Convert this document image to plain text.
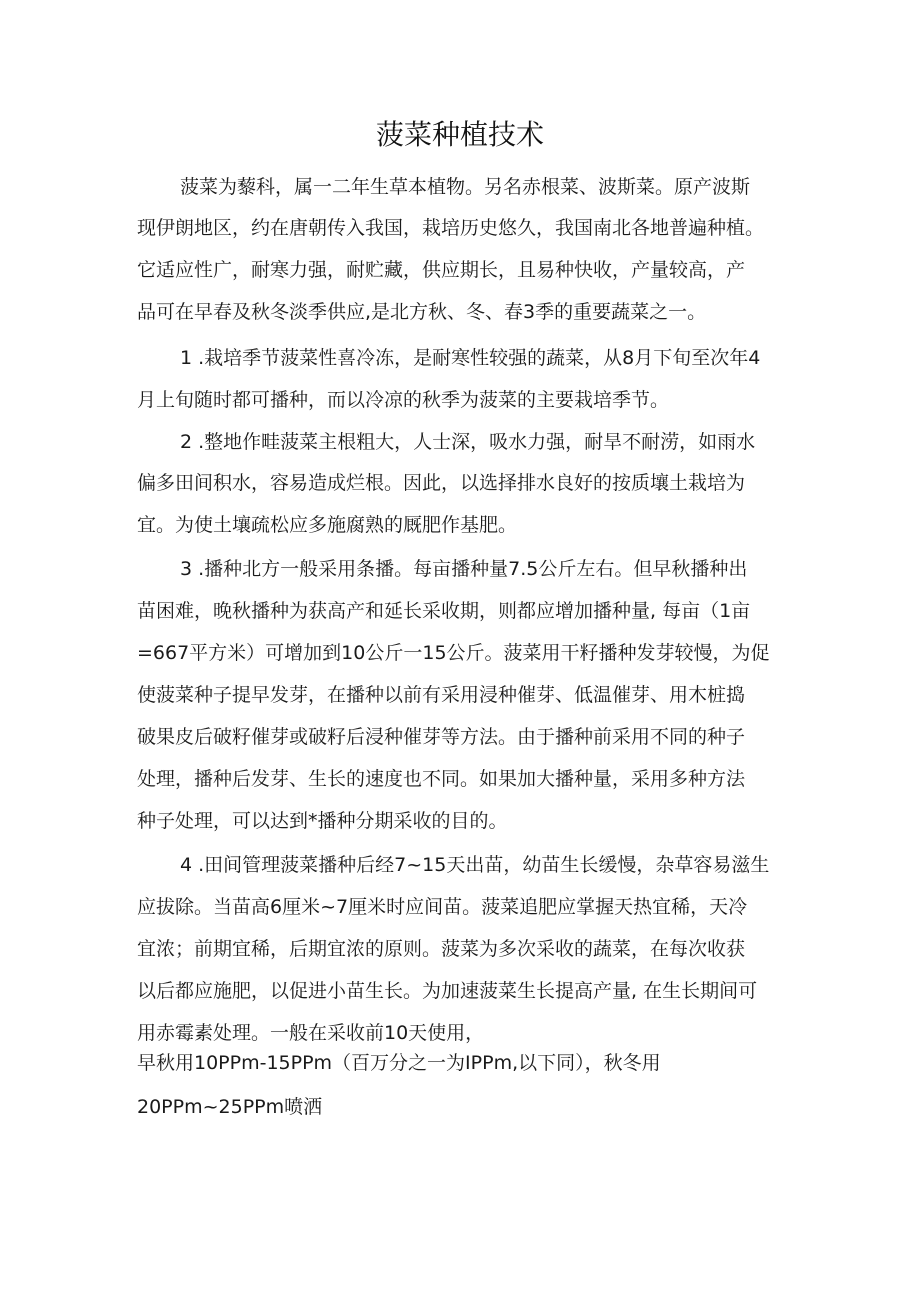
菠菜种植技术
菠菜为藜科，属一二年生草本植物。另名赤根菜、波斯菜。原产波斯
现伊朗地区，约在唐朝传入我国，栽培历史悠久，我国南北各地普遍种植。
它适应性广，耐寒力强，耐贮藏，供应期长，且易种快收，产量较高，产
品可在早春及秋冬淡季供应,是北方秋、冬、春3季的重要蔬菜之一。
1 .栽培季节菠菜性喜冷冻，是耐寒性较强的蔬菜，从8月下旬至次年4
月上旬随时都可播种，而以冷凉的秋季为菠菜的主要栽培季节。
2 .整地作畦菠菜主根粗大，人士深，吸水力强，耐旱不耐涝，如雨水
偏多田间积水，容易造成烂根。因此，以选择排水良好的按质壤土栽培为
宜。为使土壤疏松应多施腐熟的厩肥作基肥。
3 .播种北方一般采用条播。每亩播种量7.5公斤左右。但早秋播种出
苗困难，晚秋播种为获高产和延长采收期，则都应增加播种量, 每亩（1亩
=667平方米）可增加到10公斤一15公斤。菠菜用干籽播种发芽较慢，为促
使菠菜种子提早发芽，在播种以前有采用浸种催芽、低温催芽、用木桩捣
破果皮后破籽催芽或破籽后浸种催芽等方法。由于播种前采用不同的种子
处理，播种后发芽、生长的速度也不同。如果加大播种量，采用多种方法
种子处理，可以达到*播种分期采收的目的。
4 .田间管理菠菜播种后经7~15天出苗，幼苗生长缓慢，杂草容易滋生
应拔除。当苗高6厘米~7厘米时应间苗。菠菜追肥应掌握天热宜稀，天冷
宜浓；前期宜稀，后期宜浓的原则。菠菜为多次采收的蔬菜，在每次收获
以后都应施肥，以促进小苗生长。为加速菠菜生长提高产量, 在生长期间可
用赤霉素处理。一般在采收前10天使用，
早秋用10PPm-15PPm（百万分之一为IPPm,以下同），秋冬用
20PPm~25PPm喷洒
